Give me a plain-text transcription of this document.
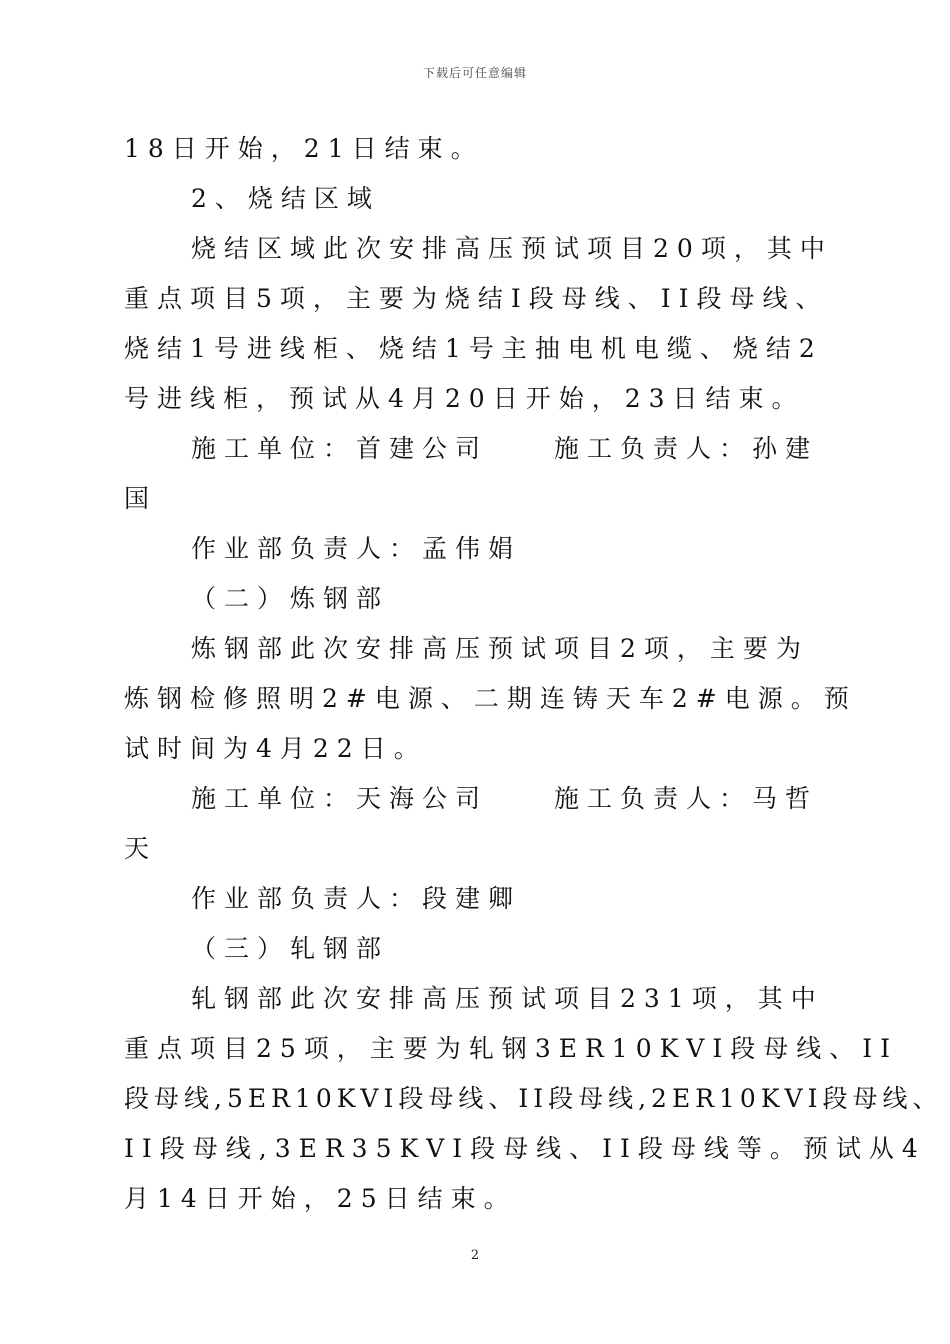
下载后可任意编辑
18日开始，21日结束。
2、烧结区域
烧结区域此次安排高压预试项目20项，其中
重点项目5项，主要为烧结I段母线、II段母线、
烧结1号进线柜、烧结1号主抽电机电缆、烧结2
号进线柜，预试从4月20日开始，23日结束。
施工单位：首建公司　　施工负责人：孙建
国
作业部负责人：孟伟娟
（二）炼钢部
炼钢部此次安排高压预试项目2项，主要为
炼钢检修照明2#电源、二期连铸天车2#电源。预
试时间为4月22日。
施工单位：天海公司　　施工负责人：马哲
天
作业部负责人：段建卿
（三）轧钢部
轧钢部此次安排高压预试项目231项，其中
重点项目25项，主要为轧钢3ER10KVI段母线、II
段母线,5ER10KVI段母线、II段母线,2ER10KVI段母线、
II段母线,3ER35KVI段母线、II段母线等。预试从4
月14日开始，25日结束。
2
